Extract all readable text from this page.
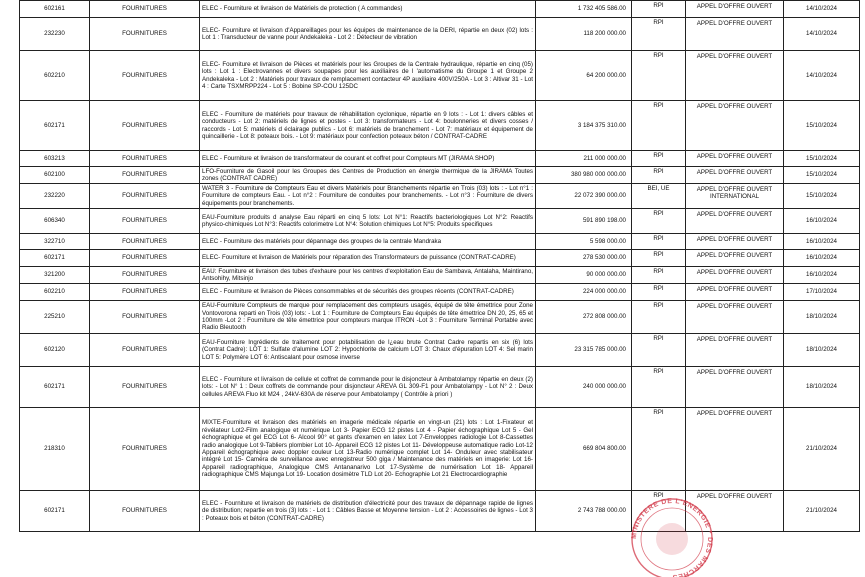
602161	FOURNITURES	ELEC - Fourniture et livraison de Matériels de protection ( A commandes)	1 732 405 586.00	RPI	APPEL D'OFFRE OUVERT	14/10/2024
232230	FOURNITURES	ELEC- Fourniture et livraison d'Appareillages pour les équipes de maintenance de la DERI, répartie en deux (02) lots : Lot 1 : Transducteur de vanne pour Andekaleka - Lot 2 : Détecteur de vibration	118 200 000.00	RPI	APPEL D'OFFRE OUVERT	14/10/2024
602210	FOURNITURES	ELEC- Fourniture et livraison de Pièces et matériels pour les Groupes de la Centrale hydraulique, répartie en cinq (05) lots : Lot 1 : Electrovannes et divers soupapes pour les auxiliaires de l 'automatisme du Groupe 1 et Groupe 2 Andekaleka - Lot 2 : Matériels pour travaux de remplacement contacteur 4P auxiliaire 400V/250A - Lot 3 : Altivar 31 - Lot 4 : Carte TSXMRPP224 - Lot 5 : Bobine SP-COU 125DC	64 200 000.00	RPI	APPEL D'OFFRE OUVERT	14/10/2024
602171	FOURNITURES	ELEC - Fourniture de matériels pour travaux de réhabilitation cyclonique, répartie en 9 lots : - Lot 1: divers câbles et conducteurs - Lot 2: matériels de lignes et postes - Lot 3: transformateurs - Lot 4: boulonneries et divers cosses / raccords - Lot 5: matériels d éclairage publics - Lot 6: matériels de branchement - Lot 7: matériaux et équipement de quincaillerie - Lot 8: poteaux bois. - Lot 9: matériaux pour confection poteaux béton / CONTRAT-CADRE	3 184 375 310.00	RPI	APPEL D'OFFRE OUVERT	15/10/2024
603213	FOURNITURES	ELEC - Fourniture et livraison de transformateur de courant et coffret pour Compteurs MT (JIRAMA SHOP)	211 000 000.00	RPI	APPEL D'OFFRE OUVERT	15/10/2024
602100	FOURNITURES	LFO-Fourniture de Gasoil pour les Groupes des Centres de Production en énergie thermique de la JIRAMA Toutes zones (CONTRAT CADRE)	380 980 000 000.00	RPI	APPEL D'OFFRE OUVERT	15/10/2024
232220	FOURNITURES	WATER 3 - Fourniture de Compteurs Eau et divers Matériels pour Branchements répartie en Trois (03) lots : - Lot n°1 : Fourniture de compteurs Eau. - Lot n°2 : Fourniture de conduites pour branchements. - Lot n°3 : Fourniture de divers équipements pour branchements.	22 072 390 000.00	BEI, UE	APPEL D'OFFRE OUVERT INTERNATIONAL	15/10/2024
606340	FOURNITURES	EAU-Fourniture produits d analyse Eau réparti en cinq 5 lots: Lot N°1: Reactifs bacteriologiques Lot N°2: Reactifs physico-chimiques Lot N°3: Reactifs colorimetre Lot N°4: Solution chimiques Lot N°5: Produits specifiques	591 890 198.00	RPI	APPEL D'OFFRE OUVERT	16/10/2024
322710	FOURNITURES	ELEC - Fourniture des matériels pour dépannage des groupes de la centrale Mandraka	5 598 000.00	RPI	APPEL D'OFFRE OUVERT	16/10/2024
602171	FOURNITURES	ELEC- Fourniture et livraison de Matériels pour réparation des Transformateurs de puissance (CONTRAT-CADRE)	278 530 000.00	RPI	APPEL D'OFFRE OUVERT	16/10/2024
321200	FOURNITURES	EAU: Fourniture et livraison des tubes d'exhaure pour les centres d'exploitation Eau de Sambava, Antalaha, Maintirano, Antsohihy, Mitsinjo	90 000 000.00	RPI	APPEL D'OFFRE OUVERT	16/10/2024
602210	FOURNITURES	ELEC - Fourniture et livraison de Pièces consommables et de sécurités des groupes récents (CONTRAT-CADRE)	224 000 000.00	RPI	APPEL D'OFFRE OUVERT	17/10/2024
225210	FOURNITURES	EAU-Fourniture Compteurs de marque pour remplacement des compteurs usagés, équipé de tête émettrice pour Zone Vontovorona reparti en Trois (03) lots: - Lot 1 : Fourniture de Compteurs Eau équipés de tête émettrice DN 20, 25, 65 et 100mm -Lot 2 : Fourniture de tête émettrice pour compteurs marque ITRON -Lot 3 : Fourniture Terminal Portable avec Radio Bleutooth	272 808 000.00	RPI	APPEL D'OFFRE OUVERT	18/10/2024
602120	FOURNITURES	EAU-Fourniture Ingrédients de traitement pour potabilisation de l¿eau brute Contrat Cadre repartis en six (6) lots (Contrat Cadre): LOT 1: Sulfate d'alumine LOT 2: Hypochlorite de calcium LOT 3: Chaux d'épuration LOT 4: Sel marin LOT 5: Polymère LOT 6: Antiscalant pour osmose inverse	23 315 785 000.00	RPI	APPEL D'OFFRE OUVERT	18/10/2024
602171	FOURNITURES	ELEC - Fourniture et livraison de cellule et coffret de commande pour le disjoncteur à Ambatolampy répartie en deux (2) lots: - Lot N° 1 : Deux coffrets de commande pour disjoncteur AREVA GL 309-F1 pour Ambatolampy - Lot N° 2 : Deux cellules AREVA Fluo kit M24 , 24kV-630A de réserve pour Ambatolampy ( Contrôle à priori )	240 000 000.00	RPI	APPEL D'OFFRE OUVERT	18/10/2024
218310	FOURNITURES	MIXTE-Fourniture et livraison des matériels en imagerie médicale répartie en vingt-un (21) lots : Lot 1-Fixateur et révélateur Lot2-Film analogique et numérique Lot 3- Papier ECG 12 pistes Lot 4 - Papier échographique Lot 5 - Gel échographique et gel ECG Lot 6- Alcool 90° et gants d'examen en latex Lot 7-Enveloppes radiologie Lot 8-Cassettes radio analogique Lot 9-Tabliers plombier Lot 10- Appareil ECG 12 pistes Lot 11- Développeuse automatique radio Lot-12 Appareil échographique avec doppler couleur Lot 13-Radio numérique complet Lot 14- Onduleur avec stabilisateur intégré Lot 15- Caméra de surveillance avec enregistreur 500 giga / Maintenance des matériels en imagerie: Lot 16- Appareil radiographique, Analogique CMS Antananarivo Lot 17-Système de numérisation Lot 18- Appareil radiographique CMS Majunga Lot 19- Location dosimètre TLD Lot 20- Echographie Lot 21 Electrocardiographie	669 804 800.00	RPI	APPEL D'OFFRE OUVERT	21/10/2024
602171	FOURNITURES	ELEC - Fourniture et livraison de matériels de distribution d'électricité pour des travaux de dépannage rapide de lignes de distribution; repartie en trois (3) lots : - Lot 1 : Câbles Basse et Moyenne tension - Lot 2 : Accessoires de lignes - Lot 3 : Poteaux bois et béton (CONTRAT-CADRE)	2 743 788 000.00	RPI	APPEL D'OFFRE OUVERT	21/10/2024
MINISTERE DE L'ENERGIE * DES MARCHES *
